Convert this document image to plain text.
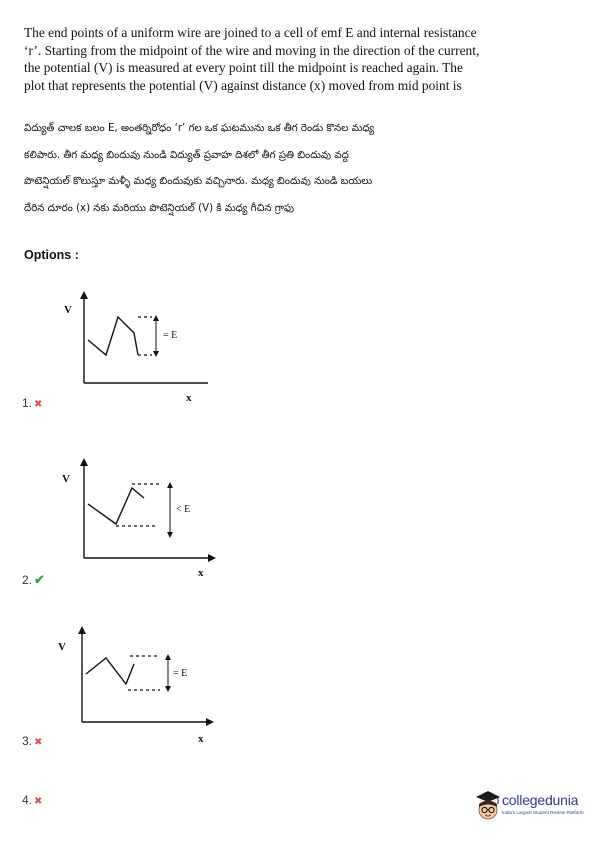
The end points of a uniform wire are joined to a cell of emf E and internal resistance
‘r’. Starting from the midpoint of the wire and moving in the direction of the current,
the potential (V) is measured at every point till the midpoint is reached again. The
plot that represents the potential (V) against distance (x) moved from mid point is

విద్యుత్ చాలక బలం E, అంతర్నిరోధం ‘r’ గల ఒక ఘటమును ఒక తీగ రెండు కొనల మధ్య
కలిపారు. తీగ మధ్య బిందువు నుండి విద్యుత్ ప్రవాహ దిశలో తీగ ప్రతి బిందువు వద్ద
పొటెన్షియల్ కొలుస్తూ మళ్ళీ మధ్య బిందువుకు వచ్చినారు. మధ్య బిందువు నుండి బయలు
దేరిన దూరం (x) నకు మరియు పొటెన్షియల్ (V) కి మధ్య గీచిన గ్రాఫు

Options :
V
x
= E
1. ✖
V
x
< E
2. ✔
V
x
= E
3. ✖
4. ✖	collegedunia
India's Largest Student Review Platform
